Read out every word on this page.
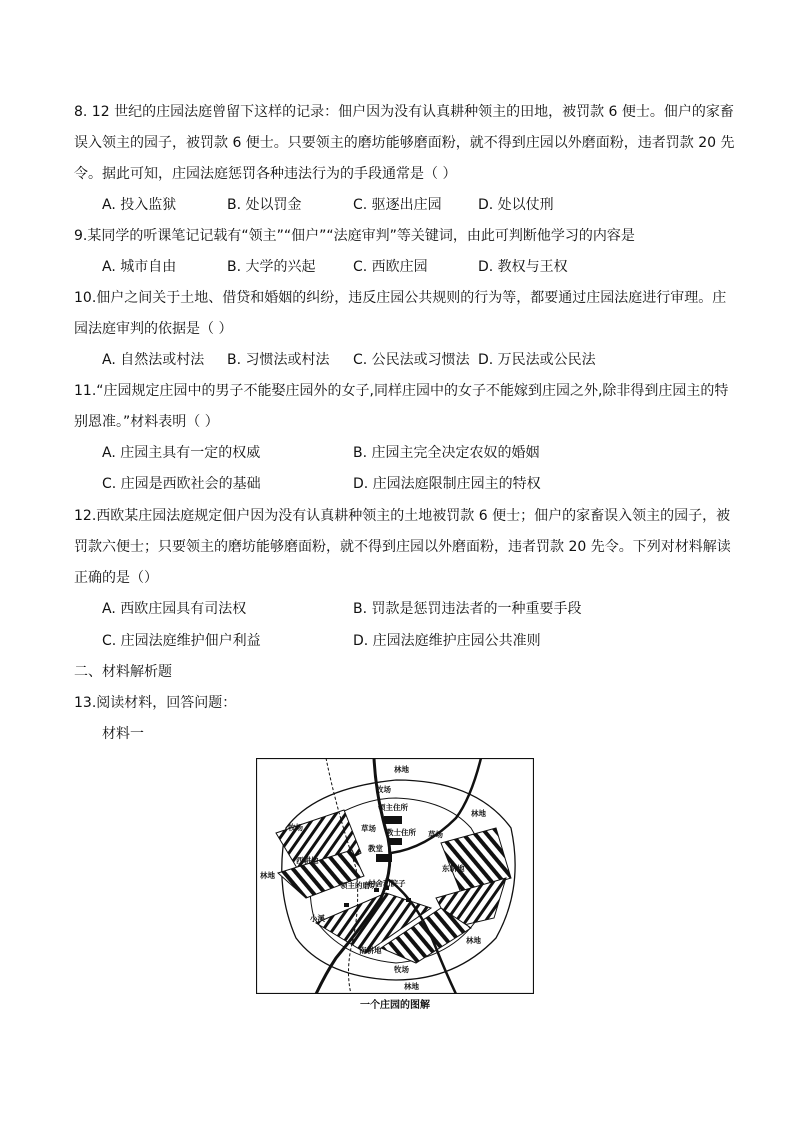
8. 12 世纪的庄园法庭曾留下这样的记录：佃户因为没有认真耕种领主的田地，被罚款 6 便士。佃户的家畜
误入领主的园子，被罚款 6 便士。只要领主的磨坊能够磨面粉，就不得到庄园以外磨面粉，违者罚款 20 先
令。据此可知，庄园法庭惩罚各种违法行为的手段通常是（ ）
A. 投入监狱	B. 处以罚金	C. 驱逐出庄园	D. 处以仗刑
9.某同学的听课笔记记载有“领主”“佃户”“法庭审判”等关键词，由此可判断他学习的内容是
A. 城市自由	B. 大学的兴起	C. 西欧庄园	D. 教权与王权
10.佃户之间关于土地、借贷和婚姻的纠纷，违反庄园公共规则的行为等，都要通过庄园法庭进行审理。庄
园法庭审判的依据是（ ）
A. 自然法或村法 B. 习惯法或村法 C. 公民法或习惯法 D. 万民法或公民法
11.“庄园规定庄园中的男子不能娶庄园外的女子,同样庄园中的女子不能嫁到庄园之外,除非得到庄园主的特
别恩准。”材料表明（ ）
A. 庄园主具有一定的权威	B. 庄园主完全决定农奴的婚姻
C. 庄园是西欧社会的基础	D. 庄园法庭限制庄园主的特权
12.西欧某庄园法庭规定佃户因为没有认真耕种领主的土地被罚款 6 便士；佃户的家畜误入领主的园子，被
罚款六便士；只要领主的磨坊能够磨面粉，就不得到庄园以外磨面粉，违者罚款 20 先令。下列对材料解读
正确的是（）
A. 西欧庄园具有司法权	B. 罚款是惩罚违法者的一种重要手段
C. 庄园法庭维护佃户利益	D. 庄园法庭维护庄园公共准则
二、材料解析题
13.阅读材料，回答问题：
材料一
林地
牧场
领主住所
林地
牧场	草场 教士住所 草场
教堂
西耕地
林地
村舍和院子
东耕地
领主的磨坊
小溪
南耕地
林地
牧场
林地
一个庄园的图解
